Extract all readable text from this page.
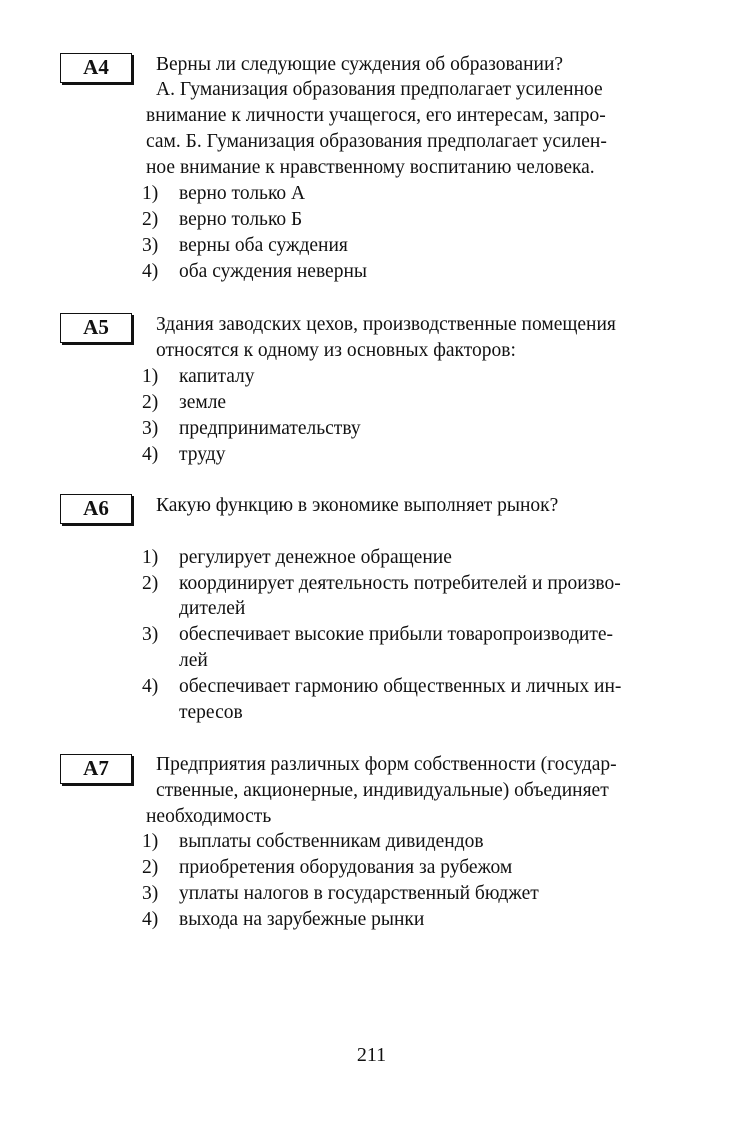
A4	Верны ли следующие суждения об образовании?

А. Гуманизация образования предполагает усиленное

внимание к личности учащегося, его интересам, запро-

сам. Б. Гуманизация образования предполагает усилен-

ное внимание к нравственному воспитанию человека.

1) верно только А
2) верно только Б
3) верны оба суждения
4) оба суждения неверны
A5	Здания заводских цехов, производственные помещения

относятся к одному из основных факторов:

1) капиталу
2) земле
3) предпринимательству
4) труду
A6	Какую функцию в экономике выполняет рынок?

1) регулирует денежное обращение
2) координирует деятельность потребителей и произво-
дителей
3) обеспечивает высокие прибыли товаропроизводите-
лей
4) обеспечивает гармонию общественных и личных ин-
тересов
A7	Предприятия различных форм собственности (государ-

ственные, акционерные, индивидуальные) объединяет

необходимость

1) выплаты собственникам дивидендов
2) приобретения оборудования за рубежом
3) уплаты налогов в государственный бюджет
4) выхода на зарубежные рынки
211
